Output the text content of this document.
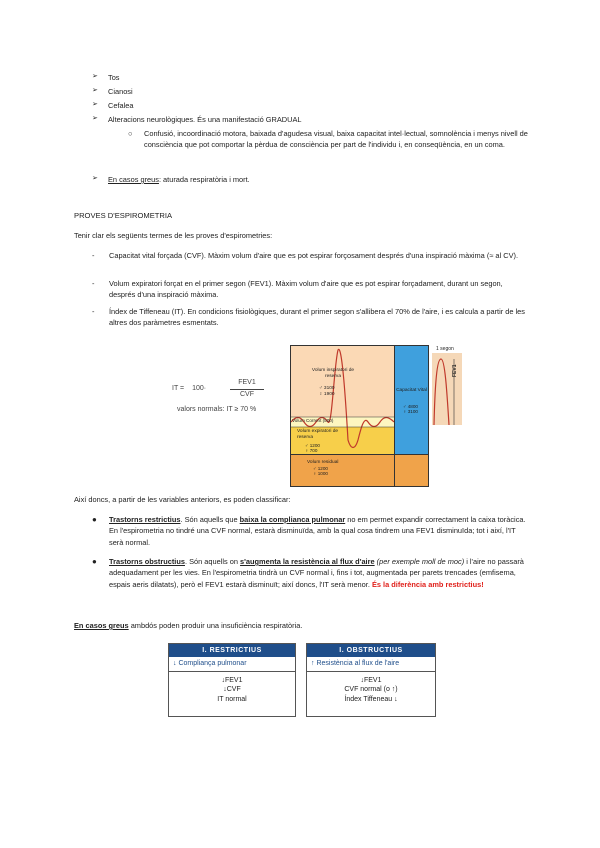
➢	Tos
➢	Cianosi
➢	Cefalea
➢	Alteracions neurològiques. És una manifestació GRADUAL
○	Confusió, incoordinació motora, baixada d'agudesa visual, baixa capacitat intel·lectual, somnolència i menys nivell de consciència que pot comportar la pèrdua de consciència per part de l'individu i, en conseqüència, en un coma.
➢	En casos greus: aturada respiratòria i mort.
PROVES D'ESPIROMETRIA
Tenir clar els següents termes de les proves d'espirometries:
-	Capacitat vital forçada (CVF). Màxim volum d'aire que es pot espirar forçosament després d'una inspiració màxima (≈ al CV).
-	Volum expiratori forçat en el primer segon (FEV1). Màxim volum d'aire que es pot espirar forçadament, durant un segon, després d'una inspiració màxima.
-	Índex de Tiffeneau (IT). En condicions fisiològiques, durant el primer segon s'allibera el 70% de l'aire, i es calcula a partir de les altres dos paràmetres esmentats.
IT = 100·
FEV1
CVF
valors normals: IT ≥ 70 %
Volum inspiratori de reserva
♂ 3100
♀ 1900
Volum Corrent (500)
Volum expiratori de reserva
♂ 1200
♀ 700
Volum residual
♂ 1200
♀ 1000
Capacitat Vital
♂ 4800
♀ 3100
1 segon
FEV1
Així doncs, a partir de les variables anteriors, es poden classificar:
●	Trastorns restrictius. Són aquells que baixa la complianca pulmonar no em permet expandir correctament la caixa toràcica. En l'espirometria no tindré una CVF normal, estarà disminuïda, amb la qual cosa tindrem una FEV1 disminuïda; tot i així, l'IT serà normal.
●	Trastorns obstructius. Són aquells on s'augmenta la resistència al flux d'aire (per exemple moll de moc) i l'aire no passarà adequadament per les vies. En l'espirometria tindrà un CVF normal i, fins i tot, augmentada per parets trencades (emfisema, espais aeris dilatats), però el FEV1 estarà disminuït; així doncs, l'IT serà menor. És la diferència amb restrictius!
En casos greus ambdós poden produir una insuficiència respiratòria.
I. RESTRICTIUS
↓ Compliança pulmonar
↓FEV1
↓CVF
IT normal
I. OBSTRUCTIUS
↑ Resistència al flux de l'aire
↓FEV1
CVF normal (o ↑)
Índex Tiffeneau ↓
